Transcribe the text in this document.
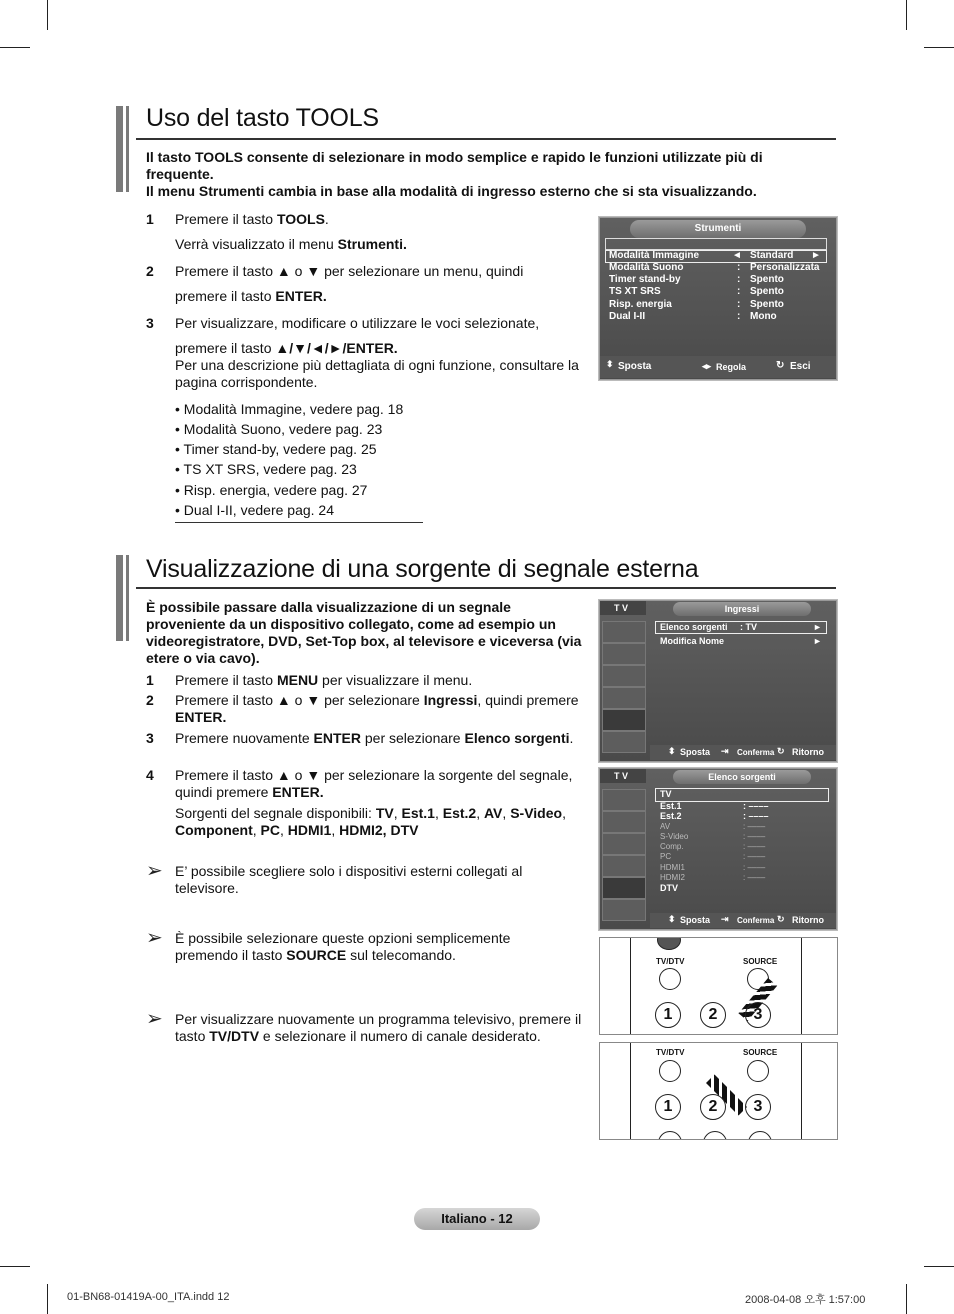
Uso del tasto TOOLS
Il tasto TOOLS consente di selezionare in modo semplice e rapido le funzioni utilizzate più di frequente.
Il menu Strumenti cambia in base alla modalità di ingresso esterno che si sta visualizzando.
1 Premere il tasto TOOLS.
Verrà visualizzato il menu Strumenti.
2 Premere il tasto ▲ o ▼ per selezionare un menu, quindi
premere il tasto ENTER.
3 Per visualizzare, modificare o utilizzare le voci selezionate,
premere il tasto ▲/▼/◄/►/ENTER.
Per una descrizione più dettagliata di ogni funzione, consultare la pagina corrispondente.
• Modalità Immagine, vedere pag. 18
• Modalità Suono, vedere pag. 23
• Timer stand-by, vedere pag. 25
• TS XT SRS, vedere pag. 23
• Risp. energia, vedere pag. 27
• Dual I-II, vedere pag. 24
Strumenti
Modalità Immagine	◄ Standard ►
Modalità Suono	: Personalizzata
Timer stand-by	: Spento
TS XT SRS	: Spento
Risp. energia	: Spento
Dual I-II	: Mono
⬍ Sposta	◂▸ Regola	↻ Esci
Visualizzazione di una sorgente di segnale esterna
È possibile passare dalla visualizzazione di un segnale proveniente da un dispositivo collegato, come ad esempio un videoregistratore, DVD, Set-Top box, al televisore e viceversa (via etere o via cavo).
1 Premere il tasto MENU per visualizzare il menu.
2 Premere il tasto ▲ o ▼ per selezionare Ingressi, quindi premere ENTER.
3 Premere nuovamente ENTER per selezionare Elenco sorgenti.
4 Premere il tasto ▲ o ▼ per selezionare la sorgente del segnale, quindi premere ENTER.
Sorgenti del segnale disponibili: TV, Est.1, Est.2, AV, S-Video, Component, PC, HDMI1, HDMI2, DTV
➢ E’ possibile scegliere solo i dispositivi esterni collegati al televisore.
➢ È possibile selezionare queste opzioni semplicemente premendo il tasto SOURCE sul telecomando.
➢ Per visualizzare nuovamente un programma televisivo, premere il tasto TV/DTV e selezionare il numero di canale desiderato.
T V	Ingressi
Elenco sorgenti : TV	►
Modifica Nome	►
⬍ Sposta ⇥ Conferma ↻ Ritorno
T V	Elenco sorgenti
TV
Est.1	: ––––
Est.2	: ––––
AV	: ––––
S-Video	: ––––
Comp.	: ––––
PC	: ––––
HDMI1	: ––––
HDMI2	: ––––
DTV
⬍ Sposta ⇥ Conferma ↻ Ritorno
TV/DTV	SOURCE
1	2	3
TV/DTV	SOURCE
1	2	3
Italiano - 12
01-BN68-01419A-00_ITA.indd 12	2008-04-08 오후 1:57:00
